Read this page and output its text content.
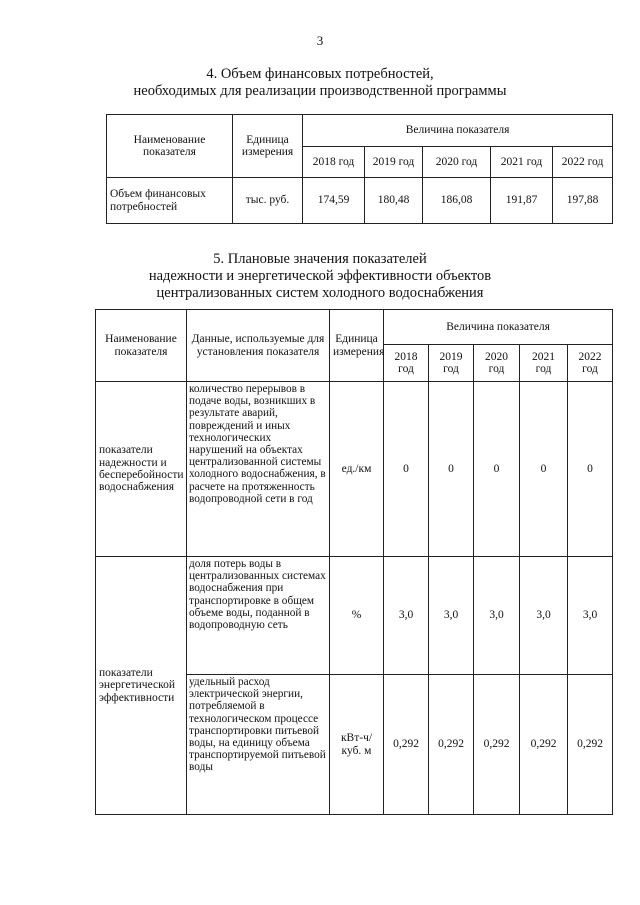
3
4. Объем финансовых потребностей,
необходимых для реализации производственной программы
Наименование показателя	Единица измерения	Величина показателя				
		2018 год	2019 год	2020 год	2021 год	2022 год
Объем финансовых потребностей	тыс. руб.	174,59	180,48	186,08	191,87	197,88
5. Плановые значения показателей
надежности и энергетической эффективности объектов
централизованных систем холодного водоснабжения
Наименование показателя	Данные, используемые для установления показателя	Единица измерения	Величина показателя				
			2018 год	2019 год	2020 год	2021 год	2022 год
показатели надежности и бесперебойности водоснабжения	количество перерывов в подаче воды, возникших в результате аварий, повреждений и иных технологических нарушений на объектах централизованной системы холодного водоснабжения, в расчете на протяженность водопроводной сети в год	ед./км	0	0	0	0	0
показатели энергетической эффективности	доля потерь воды в централизованных системах водоснабжения при транспортировке в общем объеме воды, поданной в водопроводную сеть	%	3,0	3,0	3,0	3,0	3,0
	удельный расход электрической энергии, потребляемой в технологическом процессе транспортировки питьевой воды, на единицу объема транспортируемой питьевой воды	кВт-ч/ куб. м	0,292	0,292	0,292	0,292	0,292
